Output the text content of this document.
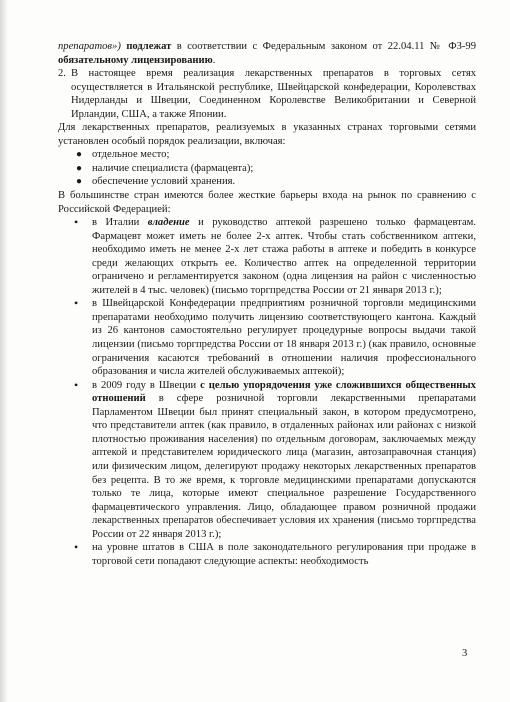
препаратов») подлежат в соответствии с Федеральным законом от 22.04.11 № ФЗ-99 обязательному лицензированию.

2. В настоящее время реализация лекарственных препаратов в торговых сетях осуществляется в Итальянской республике, Швейцарской конфедерации, Королевствах Нидерланды и Швеции, Соединенном Королевстве Великобритании и Северной Ирландии, США, а также Японии.

Для лекарственных препаратов, реализуемых в указанных странах торговыми сетями установлен особый порядок реализации, включая:

● отдельное место;

● наличие специалиста (фармацевта);

● обеспечение условий хранения.

В большинстве стран имеются более жесткие барьеры входа на рынок по сравнению с Российской Федерацией:

• в Италии владение и руководство аптекой разрешено только фармацевтам. Фармацевт может иметь не более 2-х аптек. Чтобы стать собственником аптеки, необходимо иметь не менее 2-х лет стажа работы в аптеке и победить в конкурсе среди желающих открыть ее. Количество аптек на определенной территории ограничено и регламентируется законом (одна лицензия на район с численностью жителей в 4 тыс. человек) (письмо торгпредства России от 21 января 2013 г.);

• в Швейцарской Конфедерации предприятиям розничной торговли медицинскими препаратами необходимо получить лицензию соответствующего кантона. Каждый из 26 кантонов самостоятельно регулирует процедурные вопросы выдачи такой лицензии (письмо торгпредства России от 18 января 2013 г.) (как правило, основные ограничения касаются требований в отношении наличия профессионального образования и числа жителей обслуживаемых аптекой);

• в 2009 году в Швеции с целью упорядочения уже сложившихся общественных отношений в сфере розничной торговли лекарственными препаратами Парламентом Швеции был принят специальный закон, в котором предусмотрено, что представители аптек (как правило, в отдаленных районах или районах с низкой плотностью проживания населения) по отдельным договорам, заключаемых между аптекой и представителем юридического лица (магазин, автозаправочная станция) или физическим лицом, делегируют продажу некоторых лекарственных препаратов без рецепта. В то же время, к торговле медицинскими препаратами допускаются только те лица, которые имеют специальное разрешение Государственного фармацевтического управления. Лицо, обладающее правом розничной продажи лекарственных препаратов обеспечивает условия их хранения (письмо торгпредства России от 22 января 2013 г.);

• на уровне штатов в США в поле законодательного регулирования при продаже в торговой сети попадают следующие аспекты: необходимость

3
